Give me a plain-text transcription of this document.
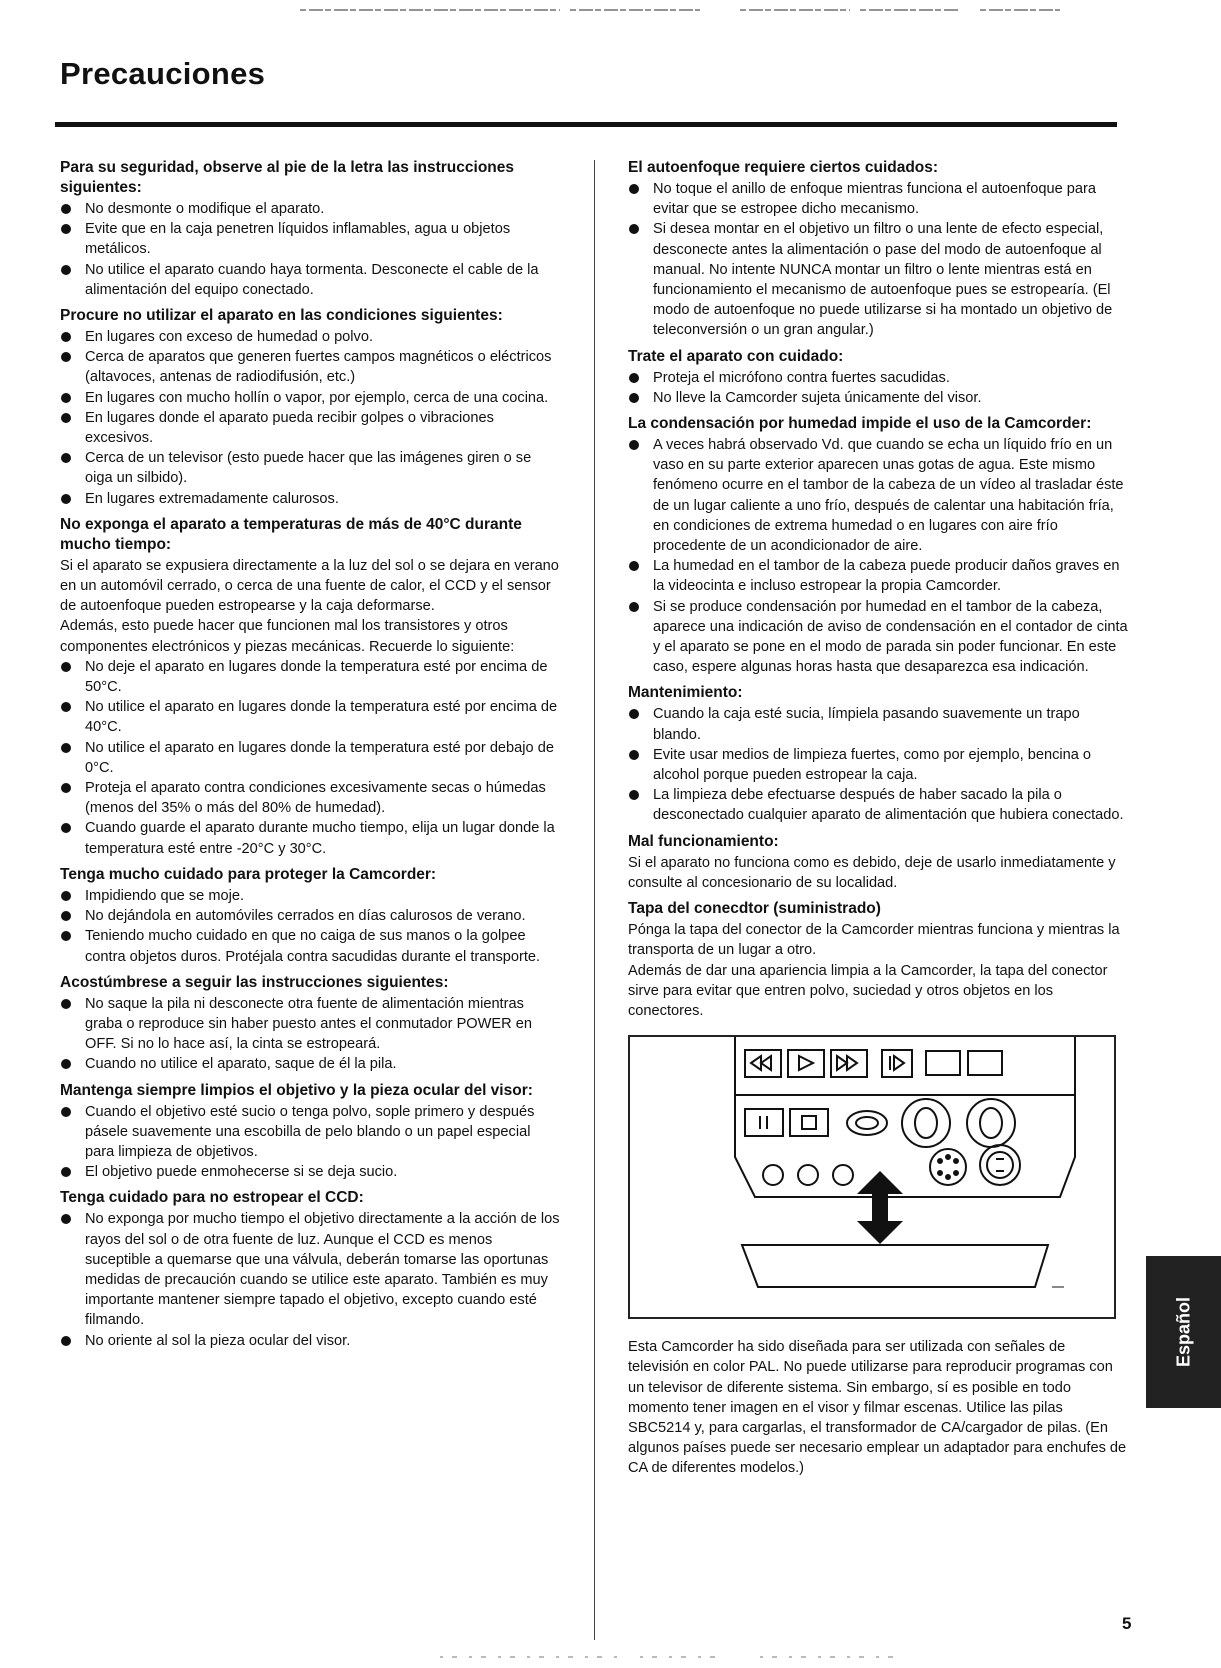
Precauciones
Para su seguridad, observe al pie de la letra las instrucciones siguientes:
No desmonte o modifique el aparato.
Evite que en la caja penetren líquidos inflamables, agua u objetos metálicos.
No utilice el aparato cuando haya tormenta. Desconecte el cable de la alimentación del equipo conectado.
Procure no utilizar el aparato en las condiciones siguientes:
En lugares con exceso de humedad o polvo.
Cerca de aparatos que generen fuertes campos magnéticos o eléctricos (altavoces, antenas de radiodifusión, etc.)
En lugares con mucho hollín o vapor, por ejemplo, cerca de una cocina.
En lugares donde el aparato pueda recibir golpes o vibraciones excesivos.
Cerca de un televisor (esto puede hacer que las imágenes giren o se oiga un silbido).
En lugares extremadamente calurosos.
No exponga el aparato a temperaturas de más de 40°C durante mucho tiempo:

Si el aparato se expusiera directamente a la luz del sol o se dejara en verano en un automóvil cerrado, o cerca de una fuente de calor, el CCD y el sensor de autoenfoque pueden estropearse y la caja deformarse.

Además, esto puede hacer que funcionen mal los transistores y otros componentes electrónicos y piezas mecánicas. Recuerde lo siguiente:

No deje el aparato en lugares donde la temperatura esté por encima de 50°C.
No utilice el aparato en lugares donde la temperatura esté por encima de 40°C.
No utilice el aparato en lugares donde la temperatura esté por debajo de 0°C.
Proteja el aparato contra condiciones excesivamente secas o húmedas (menos del 35% o más del 80% de humedad).
Cuando guarde el aparato durante mucho tiempo, elija un lugar donde la temperatura esté entre -20°C y 30°C.
Tenga mucho cuidado para proteger la Camcorder:
Impidiendo que se moje.
No dejándola en automóviles cerrados en días calurosos de verano.
Teniendo mucho cuidado en que no caiga de sus manos o la golpee contra objetos duros. Protéjala contra sacudidas durante el transporte.
Acostúmbrese a seguir las instrucciones siguientes:
No saque la pila ni desconecte otra fuente de alimentación mientras graba o reproduce sin haber puesto antes el conmutador POWER en OFF. Si no lo hace así, la cinta se estropeará.
Cuando no utilice el aparato, saque de él la pila.
Mantenga siempre limpios el objetivo y la pieza ocular del visor:
Cuando el objetivo esté sucio o tenga polvo, sople primero y después pásele suavemente una escobilla de pelo blando o un papel especial para limpieza de objetivos.
El objetivo puede enmohecerse si se deja sucio.
Tenga cuidado para no estropear el CCD:
No exponga por mucho tiempo el objetivo directamente a la acción de los rayos del sol o de otra fuente de luz. Aunque el CCD es menos suceptible a quemarse que una válvula, deberán tomarse las oportunas medidas de precaución cuando se utilice este aparato. También es muy importante mantener siempre tapado el objetivo, excepto cuando esté filmando.
No oriente al sol la pieza ocular del visor.
El autoenfoque requiere ciertos cuidados:
No toque el anillo de enfoque mientras funciona el autoenfoque para evitar que se estropee dicho mecanismo.
Si desea montar en el objetivo un filtro o una lente de efecto especial, desconecte antes la alimentación o pase del modo de autoenfoque al manual. No intente NUNCA montar un filtro o lente mientras está en funcionamiento el mecanismo de autoenfoque pues se estropearía. (El modo de autoenfoque no puede utilizarse si ha montado un objetivo de teleconversión o un gran angular.)
Trate el aparato con cuidado:
Proteja el micrófono contra fuertes sacudidas.
No lleve la Camcorder sujeta únicamente del visor.
La condensación por humedad impide el uso de la Camcorder:
A veces habrá observado Vd. que cuando se echa un líquido frío en un vaso en su parte exterior aparecen unas gotas de agua. Este mismo fenómeno ocurre en el tambor de la cabeza de un vídeo al trasladar éste de un lugar caliente a uno frío, después de calentar una habitación fría, en condiciones de extrema humedad o en lugares con aire frío procedente de un acondicionador de aire.
La humedad en el tambor de la cabeza puede producir daños graves en la videocinta e incluso estropear la propia Camcorder.
Si se produce condensación por humedad en el tambor de la cabeza, aparece una indicación de aviso de condensación en el contador de cinta y el aparato se pone en el modo de parada sin poder funcionar. En este caso, espere algunas horas hasta que desaparezca esa indicación.
Mantenimiento:
Cuando la caja esté sucia, límpiela pasando suavemente un trapo blando.
Evite usar medios de limpieza fuertes, como por ejemplo, bencina o alcohol porque pueden estropear la caja.
La limpieza debe efectuarse después de haber sacado la pila o desconectado cualquier aparato de alimentación que hubiera conectado.
Mal funcionamiento:

Si el aparato no funciona como es debido, deje de usarlo inmediatamente y consulte al concesionario de su localidad.

Tapa del conecdtor (suministrado)

Pónga la tapa del conector de la Camcorder mientras funciona y mientras la transporta de un lugar a otro.

Además de dar una apariencia limpia a la Camcorder, la tapa del conector sirve para evitar que entren polvo, suciedad y otros objetos en los conectores.

Esta Camcorder ha sido diseñada para ser utilizada con señales de televisión en color PAL. No puede utilizarse para reproducir programas con un televisor de diferente sistema. Sin embargo, sí es posible en todo momento tener imagen en el visor y filmar escenas. Utilice las pilas SBC5214 y, para cargarlas, el transformador de CA/cargador de pilas. (En algunos países puede ser necesario emplear un adaptador para enchufes de CA de diferentes modelos.)

Español
5
